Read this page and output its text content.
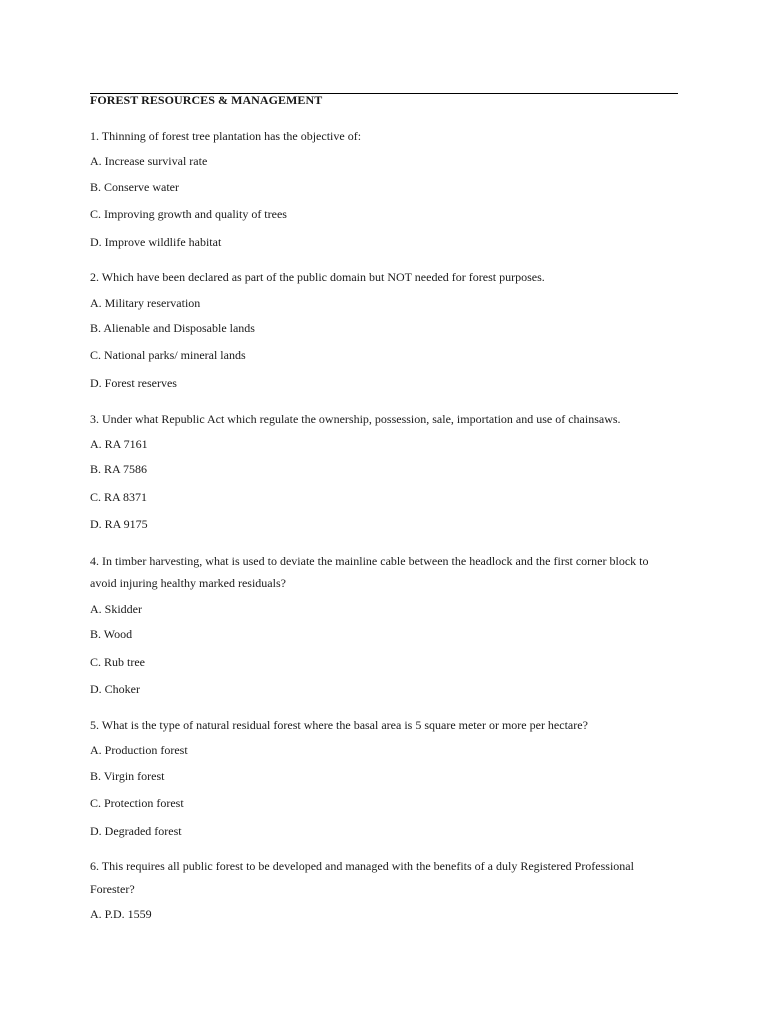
FOREST RESOURCES & MANAGEMENT
1. Thinning of forest tree plantation has the objective of:
A. Increase survival rate
B. Conserve water
C. Improving growth and quality of trees
D. Improve wildlife habitat
2. Which have been declared as part of the public domain but NOT needed for forest purposes.
A. Military reservation
B. Alienable and Disposable lands
C. National parks/ mineral lands
D. Forest reserves
3. Under what Republic Act which regulate the ownership, possession, sale, importation and use of chainsaws.
A. RA 7161
B. RA 7586
C. RA 8371
D. RA 9175
4. In timber harvesting, what is used to deviate the mainline cable between the headlock and the first corner block to
avoid injuring healthy marked residuals?
A. Skidder
B. Wood
C. Rub tree
D. Choker
5. What is the type of natural residual forest where the basal area is 5 square meter or more per hectare?
A. Production forest
B. Virgin forest
C. Protection forest
D. Degraded forest
6. This requires all public forest to be developed and managed with the benefits of a duly Registered Professional
Forester?
A. P.D. 1559
